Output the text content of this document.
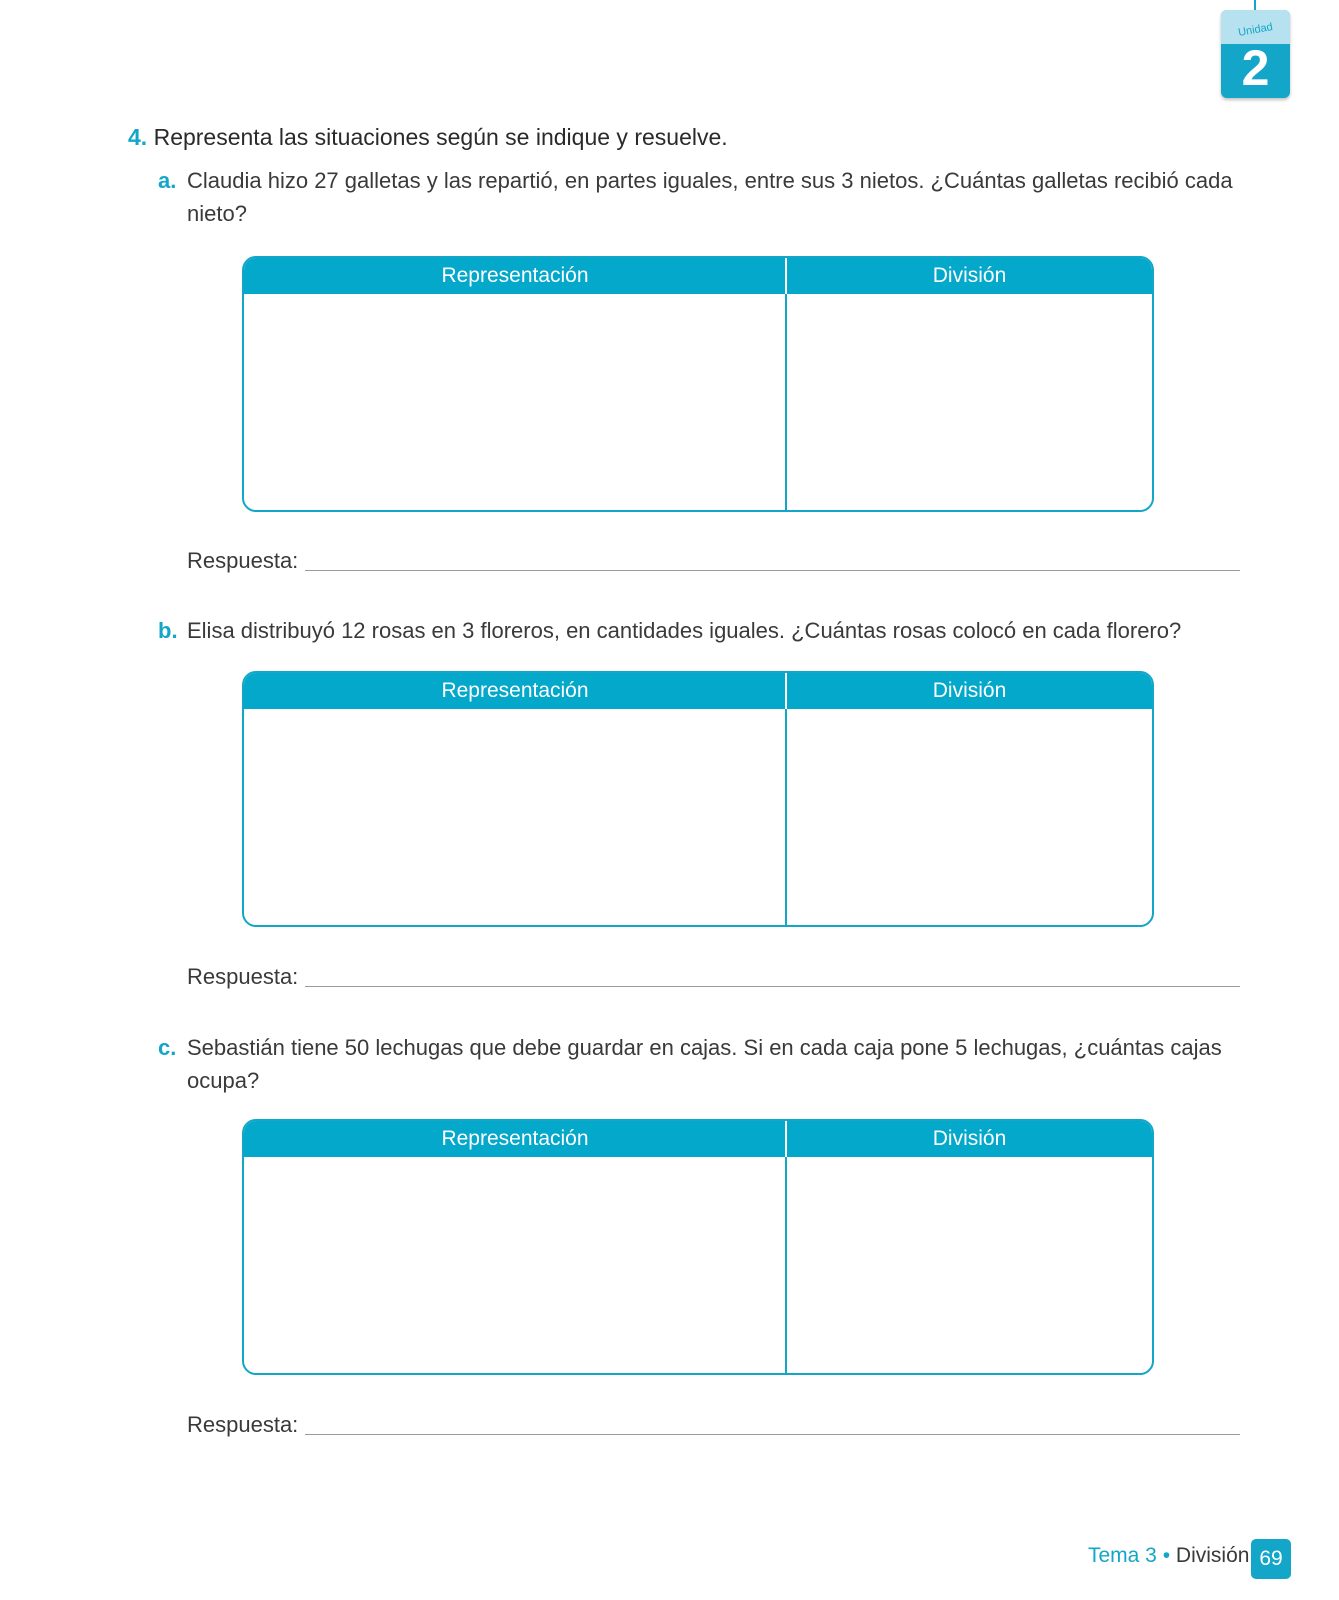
Unidad
2
4. Representa las situaciones según se indique y resuelve.
a. Claudia hizo 27 galletas y las repartió, en partes iguales, entre sus 3 nietos. ¿Cuántas galletas recibió cada nieto?
Representación	División
Respuesta:
b. Elisa distribuyó 12 rosas en 3 floreros, en cantidades iguales. ¿Cuántas rosas colocó en cada florero?
Representación	División
Respuesta:
c. Sebastián tiene 50 lechugas que debe guardar en cajas. Si en cada caja pone 5 lechugas, ¿cuántas cajas ocupa?
Representación	División
Respuesta:
Tema 3 • División 69
